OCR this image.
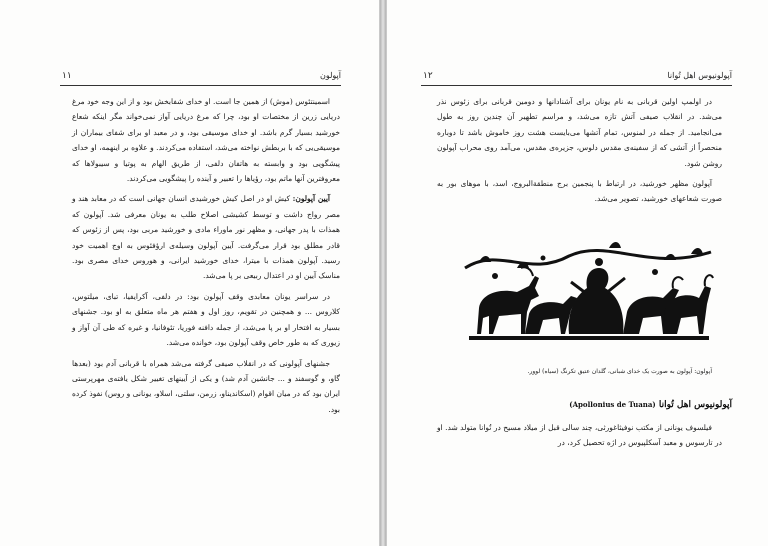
آپولون
۱۱

اسمینتئوس (موش) از همین جا است. او خدای شفابخش بود و از این وجه خود مرغ دریایی زرین از مختصات او بود، چرا که مرغ دریایی آواز نمی‌خواند مگر اینکه شعاع خورشید بسیار گرم باشد. او خدای موسیقی بود، و در معبد او برای شفای بیماران از موسیقی‌یی که با بربطش نواخته می‌شد، استفاده می‌کردند. و علاوه بر اینهمه، او خدای پیشگویی بود و وابسته به هاتفان دلفی، از طریق الهام به پوتیا و سیبولاها که معروفترین آنها ماتم بود، رؤیاها را تعبیر و آینده را پیشگویی می‌کردند.

آیین آپولون: کیش او در اصل کیش خورشیدی انسان جهانی است که در معابد هند و مصر رواج داشت و توسط کشیشی اصلاح طلب به یونان معرفی شد. آپولون که همذات با پدر جهانی، و مظهر نور ماوراء مادی و خورشید مربی بود، پس از زئوس که قادر مطلق بود قرار می‌گرفت. آیین آپولون وسیله‌ی ارؤفئوس به اوج اهمیت خود رسید. آپولون همذات با میترا، خدای خورشید ایرانی، و هوروس خدای مصری بود. مناسک آیین او در اعتدال ربیعی بر پا می‌شد.

در سراسر یونان معابدی وقف آپولون بود: در دلفی، آکرایفیا، تبای، میلتوس، کلاروس ... و همچنین در تقویم، روز اول و هفتم هر ماه متعلق به او بود. جشنهای بسیار به افتخار او بر پا می‌شد، از جمله دافنه فوریا، تئوفانیا، و غیره که طی آن آواز و زیوری که به طور خاص وقف آپولون بود، خوانده می‌شد.

جشنهای آپولونی که در انقلاب صیفی گرفته می‌شد همراه با قربانی آدم بود (بعدها گاو، و گوسفند و ... جانشین آدم شد) و یکی از آیینهای تغییر شکل یافته‌ی مهرپرستی ایران بود که در میان اقوام (اسکاندیناو، زرمن، سلتی، اسلاو، یونانی و روس) نفوذ کرده بود.

آپولونیوس اهل تُوانا
۱۲

در اولمپ اولین قربانی به نام یونان برای آشنادانها و دومین قربانی برای زئوس نذر می‌شد. در انقلاب صیفی آتش تازه می‌شد، و مراسم تطهیر آن چندین روز به طول می‌انجامید. از جمله در لمنوس، تمام آتشها می‌بایست هشت روز خاموش باشد تا دوباره منحصراً از آتشی که از سفینه‌ی مقدس دلوس، جزیره‌ی مقدس، می‌آمد روی محراب آپولون روشن شود.

آپولون مظهر خورشید، در ارتباط با پنجمین برج منطقة‌البروج، اسد، با موهای بور به صورت شعاعهای خورشید، تصویر می‌شد.

آپولون: آپولون به صورت یک خدای شبانی، گلدان عتیق تکرنگ (سیاه) لوور.
آپولونیوس اهل تُوانا (Apollonius de Tuana)

فیلسوف یونانی از مکتب نوفیثاغورثی، چند سالی قبل از میلاد مسیح در تُوانا متولد شد. او در تارسوس و معبد آسکلپیوس در اژه تحصیل کرد، در
